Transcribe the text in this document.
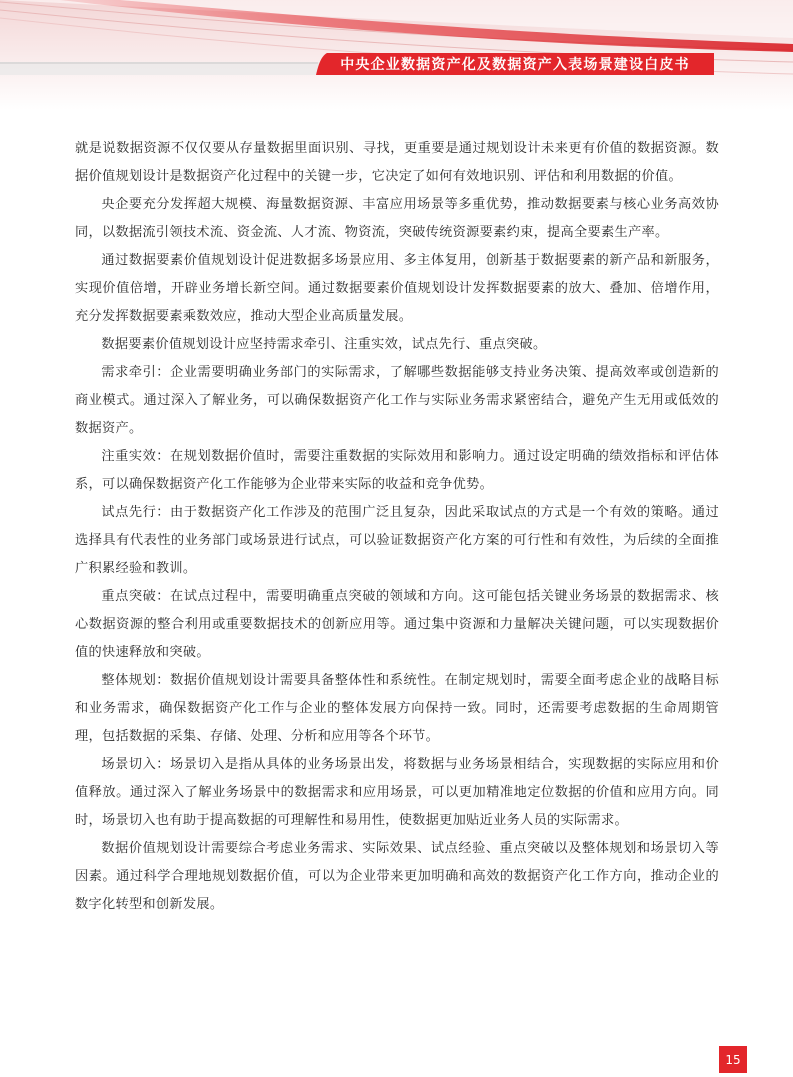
中央企业数据资产化及数据资产入表场景建设白皮书

就是说数据资源不仅仅要从存量数据里面识别、寻找，更重要是通过规划设计未来更有价值的数据资源。数据价值规划设计是数据资产化过程中的关键一步，它决定了如何有效地识别、评估和利用数据的价值。

央企要充分发挥超大规模、海量数据资源、丰富应用场景等多重优势，推动数据要素与核心业务高效协同，以数据流引领技术流、资金流、人才流、物资流，突破传统资源要素约束，提高全要素生产率。

通过数据要素价值规划设计促进数据多场景应用、多主体复用，创新基于数据要素的新产品和新服务，实现价值倍增，开辟业务增长新空间。通过数据要素价值规划设计发挥数据要素的放大、叠加、倍增作用，充分发挥数据要素乘数效应，推动大型企业高质量发展。

数据要素价值规划设计应坚持需求牵引、注重实效，试点先行、重点突破。

需求牵引：企业需要明确业务部门的实际需求，了解哪些数据能够支持业务决策、提高效率或创造新的商业模式。通过深入了解业务，可以确保数据资产化工作与实际业务需求紧密结合，避免产生无用或低效的数据资产。

注重实效：在规划数据价值时，需要注重数据的实际效用和影响力。通过设定明确的绩效指标和评估体系，可以确保数据资产化工作能够为企业带来实际的收益和竞争优势。

试点先行：由于数据资产化工作涉及的范围广泛且复杂，因此采取试点的方式是一个有效的策略。通过选择具有代表性的业务部门或场景进行试点，可以验证数据资产化方案的可行性和有效性，为后续的全面推广积累经验和教训。

重点突破：在试点过程中，需要明确重点突破的领域和方向。这可能包括关键业务场景的数据需求、核心数据资源的整合利用或重要数据技术的创新应用等。通过集中资源和力量解决关键问题，可以实现数据价值的快速释放和突破。

整体规划：数据价值规划设计需要具备整体性和系统性。在制定规划时，需要全面考虑企业的战略目标和业务需求，确保数据资产化工作与企业的整体发展方向保持一致。同时，还需要考虑数据的生命周期管理，包括数据的采集、存储、处理、分析和应用等各个环节。

场景切入：场景切入是指从具体的业务场景出发，将数据与业务场景相结合，实现数据的实际应用和价值释放。通过深入了解业务场景中的数据需求和应用场景，可以更加精准地定位数据的价值和应用方向。同时，场景切入也有助于提高数据的可理解性和易用性，使数据更加贴近业务人员的实际需求。

数据价值规划设计需要综合考虑业务需求、实际效果、试点经验、重点突破以及整体规划和场景切入等因素。通过科学合理地规划数据价值，可以为企业带来更加明确和高效的数据资产化工作方向，推动企业的数字化转型和创新发展。

15
